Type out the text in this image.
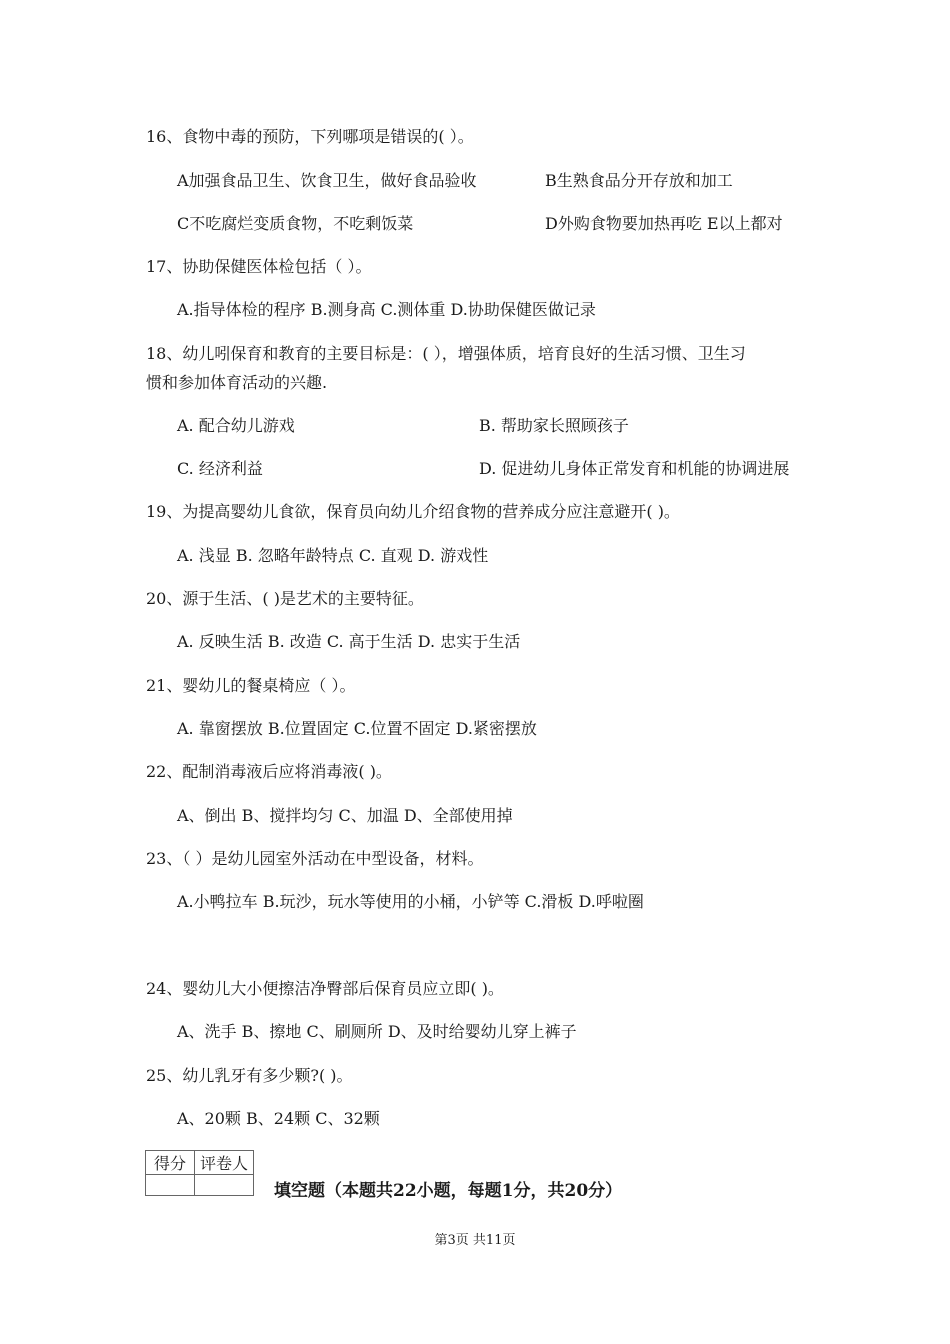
16、食物中毒的预防，下列哪项是错误的( ）。
A加强食品卫生、饮食卫生，做好食品验收	B生熟食品分开存放和加工
C不吃腐烂变质食物，不吃剩饭菜	D外购食物要加热再吃 E以上都对
17、协助保健医体检包括（ ）。
A.指导体检的程序 B.测身高 C.测体重 D.协助保健医做记录
18、幼儿吲保育和教育的主要目标是：( ），增强体质，培育良好的生活习惯、卫生习
惯和参加体育活动的兴趣.
A. 配合幼儿游戏	B. 帮助家长照顾孩子
C. 经济利益	D. 促进幼儿身体正常发育和机能的协调进展
19、为提高婴幼儿食欲，保育员向幼儿介绍食物的营养成分应注意避开( )。
A. 浅显 B. 忽略年龄特点 C. 直观 D. 游戏性
20、源于生活、( )是艺术的主要特征。
A. 反映生活 B. 改造 C. 高于生活 D. 忠实于生活
21、婴幼儿的餐桌椅应（ ）。
A. 靠窗摆放 B.位置固定 C.位置不固定 D.紧密摆放
22、配制消毒液后应将消毒液( )。
A、倒出 B、搅拌均匀 C、加温 D、全部使用掉
23、（ ）是幼儿园室外活动在中型设备，材料。
A.小鸭拉车 B.玩沙，玩水等使用的小桶，小铲等 C.滑板 D.呼啦圈
24、婴幼儿大小便擦洁净臀部后保育员应立即( )。
A、洗手 B、擦地 C、刷厕所 D、及时给婴幼儿穿上裤子
25、幼儿乳牙有多少颗?( )。
A、20颗 B、24颗 C、32颗
得分	评卷人

填空题（本题共22小题，每题1分，共20分）
第3页 共11页
